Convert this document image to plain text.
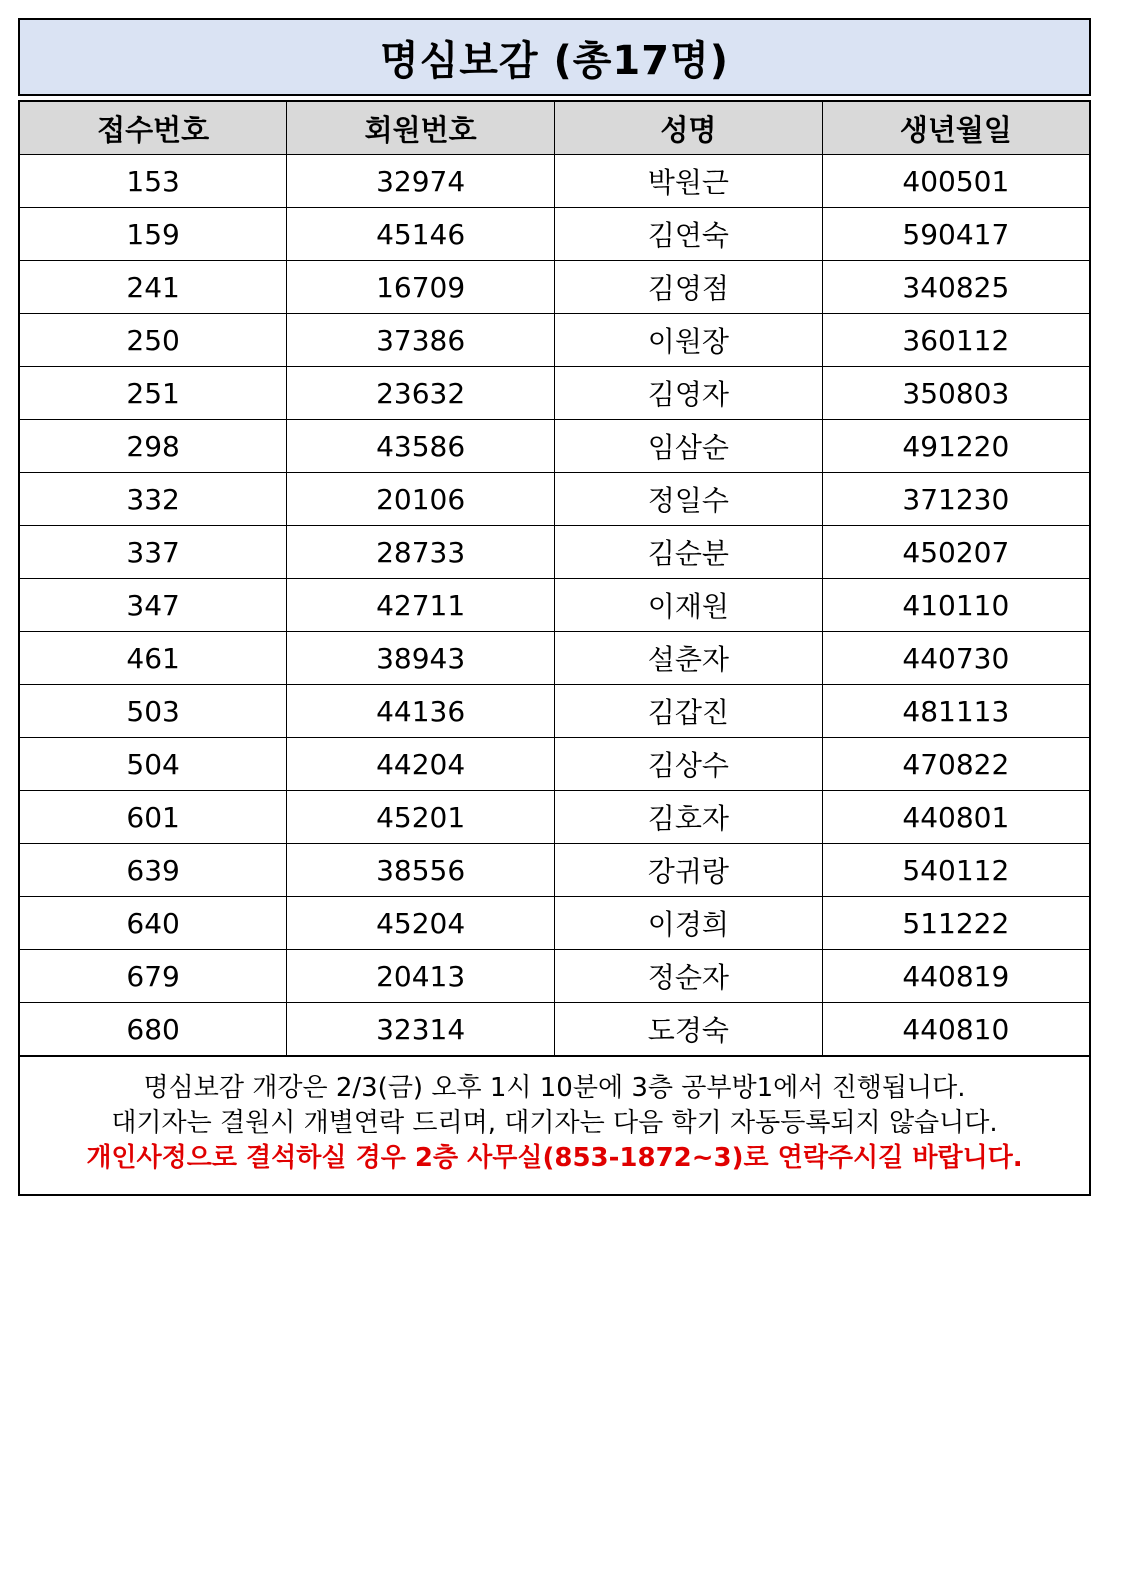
명심보감 (총17명)
접수번호	회원번호	성명	생년월일
153	32974	박원근	400501
159	45146	김연숙	590417
241	16709	김영점	340825
250	37386	이원장	360112
251	23632	김영자	350803
298	43586	임삼순	491220
332	20106	정일수	371230
337	28733	김순분	450207
347	42711	이재원	410110
461	38943	설춘자	440730
503	44136	김갑진	481113
504	44204	김상수	470822
601	45201	김호자	440801
639	38556	강귀랑	540112
640	45204	이경희	511222
679	20413	정순자	440819
680	32314	도경숙	440810
명심보감 개강은 2/3(금) 오후 1시 10분에 3층 공부방1에서 진행됩니다.
대기자는 결원시 개별연락 드리며, 대기자는 다음 학기 자동등록되지 않습니다.
개인사정으로 결석하실 경우 2층 사무실(853-1872~3)로 연락주시길 바랍니다.
